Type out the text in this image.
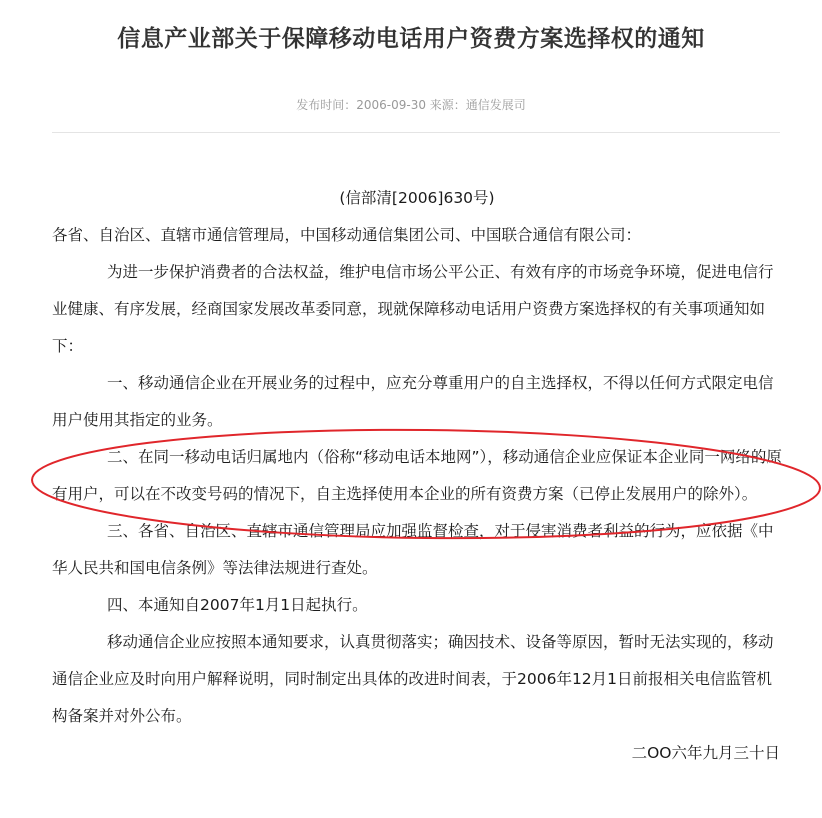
信息产业部关于保障移动电话用户资费方案选择权的通知
发布时间：2006-09-30 来源：通信发展司

(信部清[2006]630号)

各省、自治区、直辖市通信管理局，中国移动通信集团公司、中国联合通信有限公司：

为进一步保护消费者的合法权益，维护电信市场公平公正、有效有序的市场竞争环境，促进电信行业健康、有序发展，经商国家发展改革委同意，现就保障移动电话用户资费方案选择权的有关事项通知如下：

一、移动通信企业在开展业务的过程中，应充分尊重用户的自主选择权，不得以任何方式限定电信用户使用其指定的业务。

二、在同一移动电话归属地内（俗称“移动电话本地网”），移动通信企业应保证本企业同一网络的原有用户，可以在不改变号码的情况下，自主选择使用本企业的所有资费方案（已停止发展用户的除外）。

三、各省、自治区、直辖市通信管理局应加强监督检查，对于侵害消费者利益的行为，应依据《中华人民共和国电信条例》等法律法规进行查处。

四、本通知自2007年1月1日起执行。

移动通信企业应按照本通知要求，认真贯彻落实；确因技术、设备等原因，暂时无法实现的，移动通信企业应及时向用户解释说明，同时制定出具体的改进时间表，于2006年12月1日前报相关电信监管机构备案并对外公布。

二OO六年九月三十日
